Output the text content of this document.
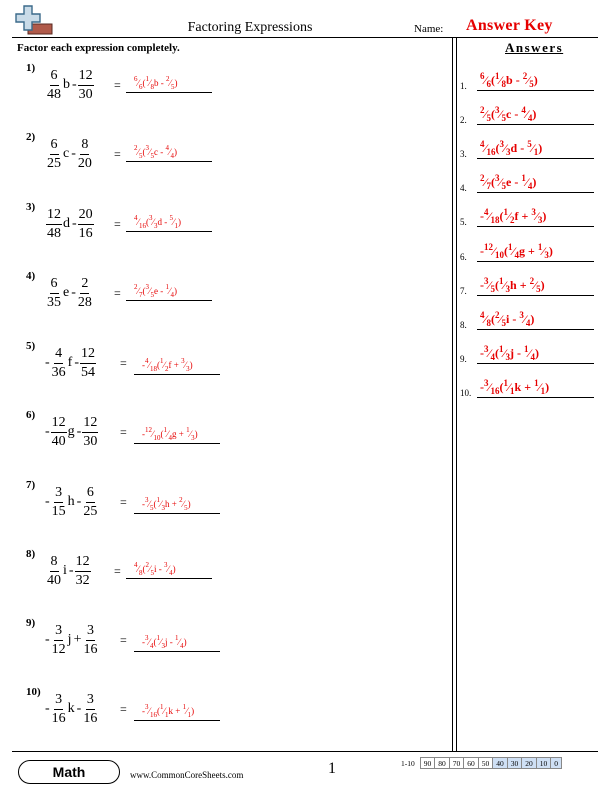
Factoring Expressions	Name: Answer Key
Factor each expression completely.	Answers
1)
$\frac{6}{48}$ b - $\frac{12}{30}$ = $^6⁄_6(^1⁄_8b$ - $^2⁄_5$)
2)
$\frac{6}{25}$ c - $\frac{8}{20}$ = $^2⁄_5(^3⁄_5c$ - $^4⁄_4$)
3)
$\frac{12}{48}$ d - $\frac{20}{16}$ = $^4⁄_{16}(^3⁄_3d$ - $^5⁄_1$)
4)
$\frac{6}{35}$ e - $\frac{2}{28}$ = $^2⁄_7(^3⁄_5e$ - $^1⁄_4$)
5)
- $\frac{4}{36}$ f - $\frac{12}{54}$ = $-^4⁄_{18}(^1⁄_2f$ + $^3⁄_3$)
6)
- $\frac{12}{40}$ g - $\frac{12}{30}$ = $-^{12}⁄_{10}(^1⁄_4g$ + $^1⁄_3$)
7)
- $\frac{3}{15}$ h - $\frac{6}{25}$ = $-^3⁄_5(^1⁄_3h$ + $^2⁄_5$)
8)
$\frac{8}{40}$ i - $\frac{12}{32}$ = $^4⁄_8(^2⁄_5i$ - $^3⁄_4$)
9)
- $\frac{3}{12}$ $j + \frac{3}{16}$ = $-^3⁄_4(^1⁄_3j$ - $^1⁄_4$)
10)
- $\frac{3}{16}$ k - $\frac{3}{16}$ = $-^3⁄_{16}(^1⁄_1k$ + $^1⁄_1$)
1.
$^6⁄_6(^1⁄_8b$ - $^2⁄_5$)
2.
$^2⁄_5(^3⁄_5c$ - $^4⁄_4$)
3.
$^4⁄_{16}(^3⁄_3d$ - $^5⁄_1$)
4.
$^2⁄_7(^3⁄_5e$ - $^1⁄_4$)
5. $-^4⁄_{18}(^1⁄_2f$ + $^3⁄_3$)
6. $-^{12}⁄_{10}(^1⁄_4g$ + $^1⁄_3$)
7. $-^3⁄_5(^1⁄_3h$ + $^2⁄_5$)
8.
$^4⁄_8(^2⁄_5i$ - $^3⁄_4$)
9. $-^3⁄_4(^1⁄_3j$ - $^1⁄_4$)
10. $-^3⁄_{16}(^1⁄_1k$ + $^1⁄_1$)
Math	www.CommonCoreSheets.com	1	1-10	90	80	70	60	50	40	30	20	10	0
